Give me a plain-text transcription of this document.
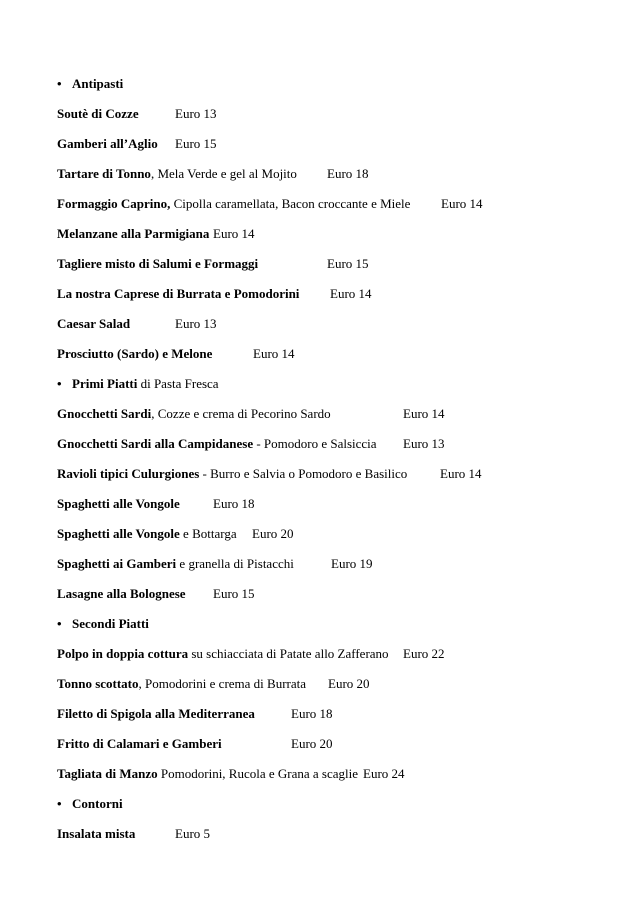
• Antipasti
Soutè di Cozze	Euro 13
Gamberi all’Aglio Euro 15
Tartare di Tonno, Mela Verde e gel al Mojito Euro 18
Formaggio Caprino, Cipolla caramellata, Bacon croccante e Miele Euro 14
Melanzane alla Parmigiana Euro 14
Tagliere misto di Salumi e Formaggi	Euro 15
La nostra Caprese di Burrata e Pomodorini Euro 14
Caesar Salad	Euro 13
Prosciutto (Sardo) e Melone	Euro 14
• Primi Piatti di Pasta Fresca
Gnocchetti Sardi, Cozze e crema di Pecorino Sardo	Euro 14
Gnocchetti Sardi alla Campidanese - Pomodoro e Salsiccia Euro 13
Ravioli tipici Culurgiones - Burro e Salvia o Pomodoro e Basilico	Euro 14
Spaghetti alle Vongole	Euro 18
Spaghetti alle Vongole e Bottarga Euro 20
Spaghetti ai Gamberi e granella di Pistacchi	Euro 19
Lasagne alla Bolognese Euro 15
• Secondi Piatti
Polpo in doppia cottura su schiacciata di Patate allo Zafferano Euro 22
Tonno scottato, Pomodorini e crema di Burrata Euro 20
Filetto di Spigola alla Mediterranea	Euro 18
Fritto di Calamari e Gamberi	Euro 20
Tagliata di Manzo Pomodorini, Rucola e Grana a scaglie Euro 24
• Contorni
Insalata mista	Euro 5
